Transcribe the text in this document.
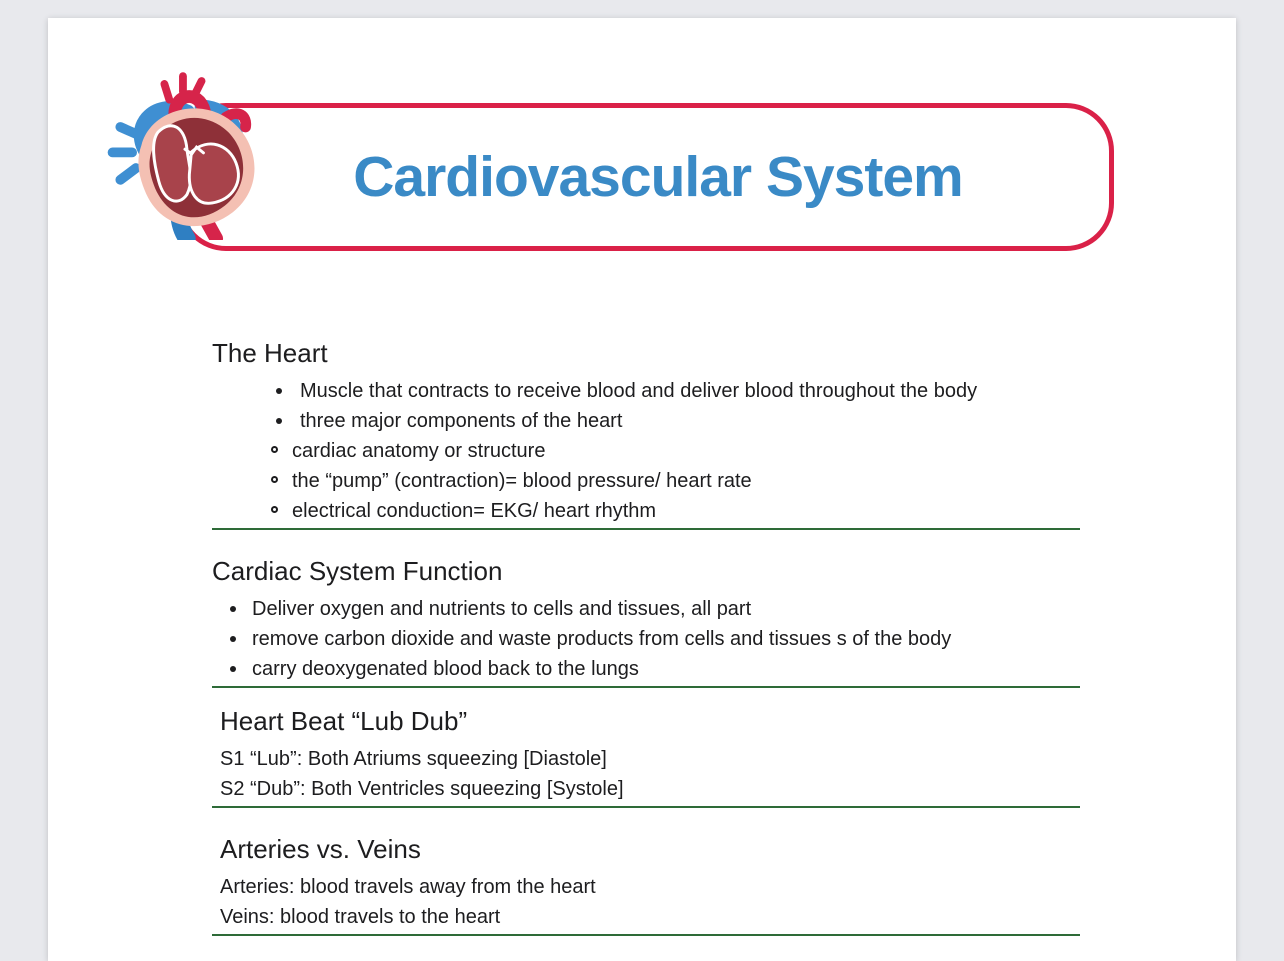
Cardiovascular System
The Heart
Muscle that contracts to receive blood and deliver blood throughout the body
three major components of the heart
cardiac anatomy or structure
the “pump” (contraction)= blood pressure/ heart rate
electrical conduction= EKG/ heart rhythm
Cardiac System Function
Deliver oxygen and nutrients to cells and tissues, all part
remove carbon dioxide and waste products from cells and tissues s of the body
carry deoxygenated blood back to the lungs
Heart Beat “Lub Dub”
S1 “Lub”: Both Atriums squeezing [Diastole]
S2 “Dub”: Both Ventricles squeezing [Systole]
Arteries vs. Veins
Arteries: blood travels away from the heart
Veins: blood travels to the heart
